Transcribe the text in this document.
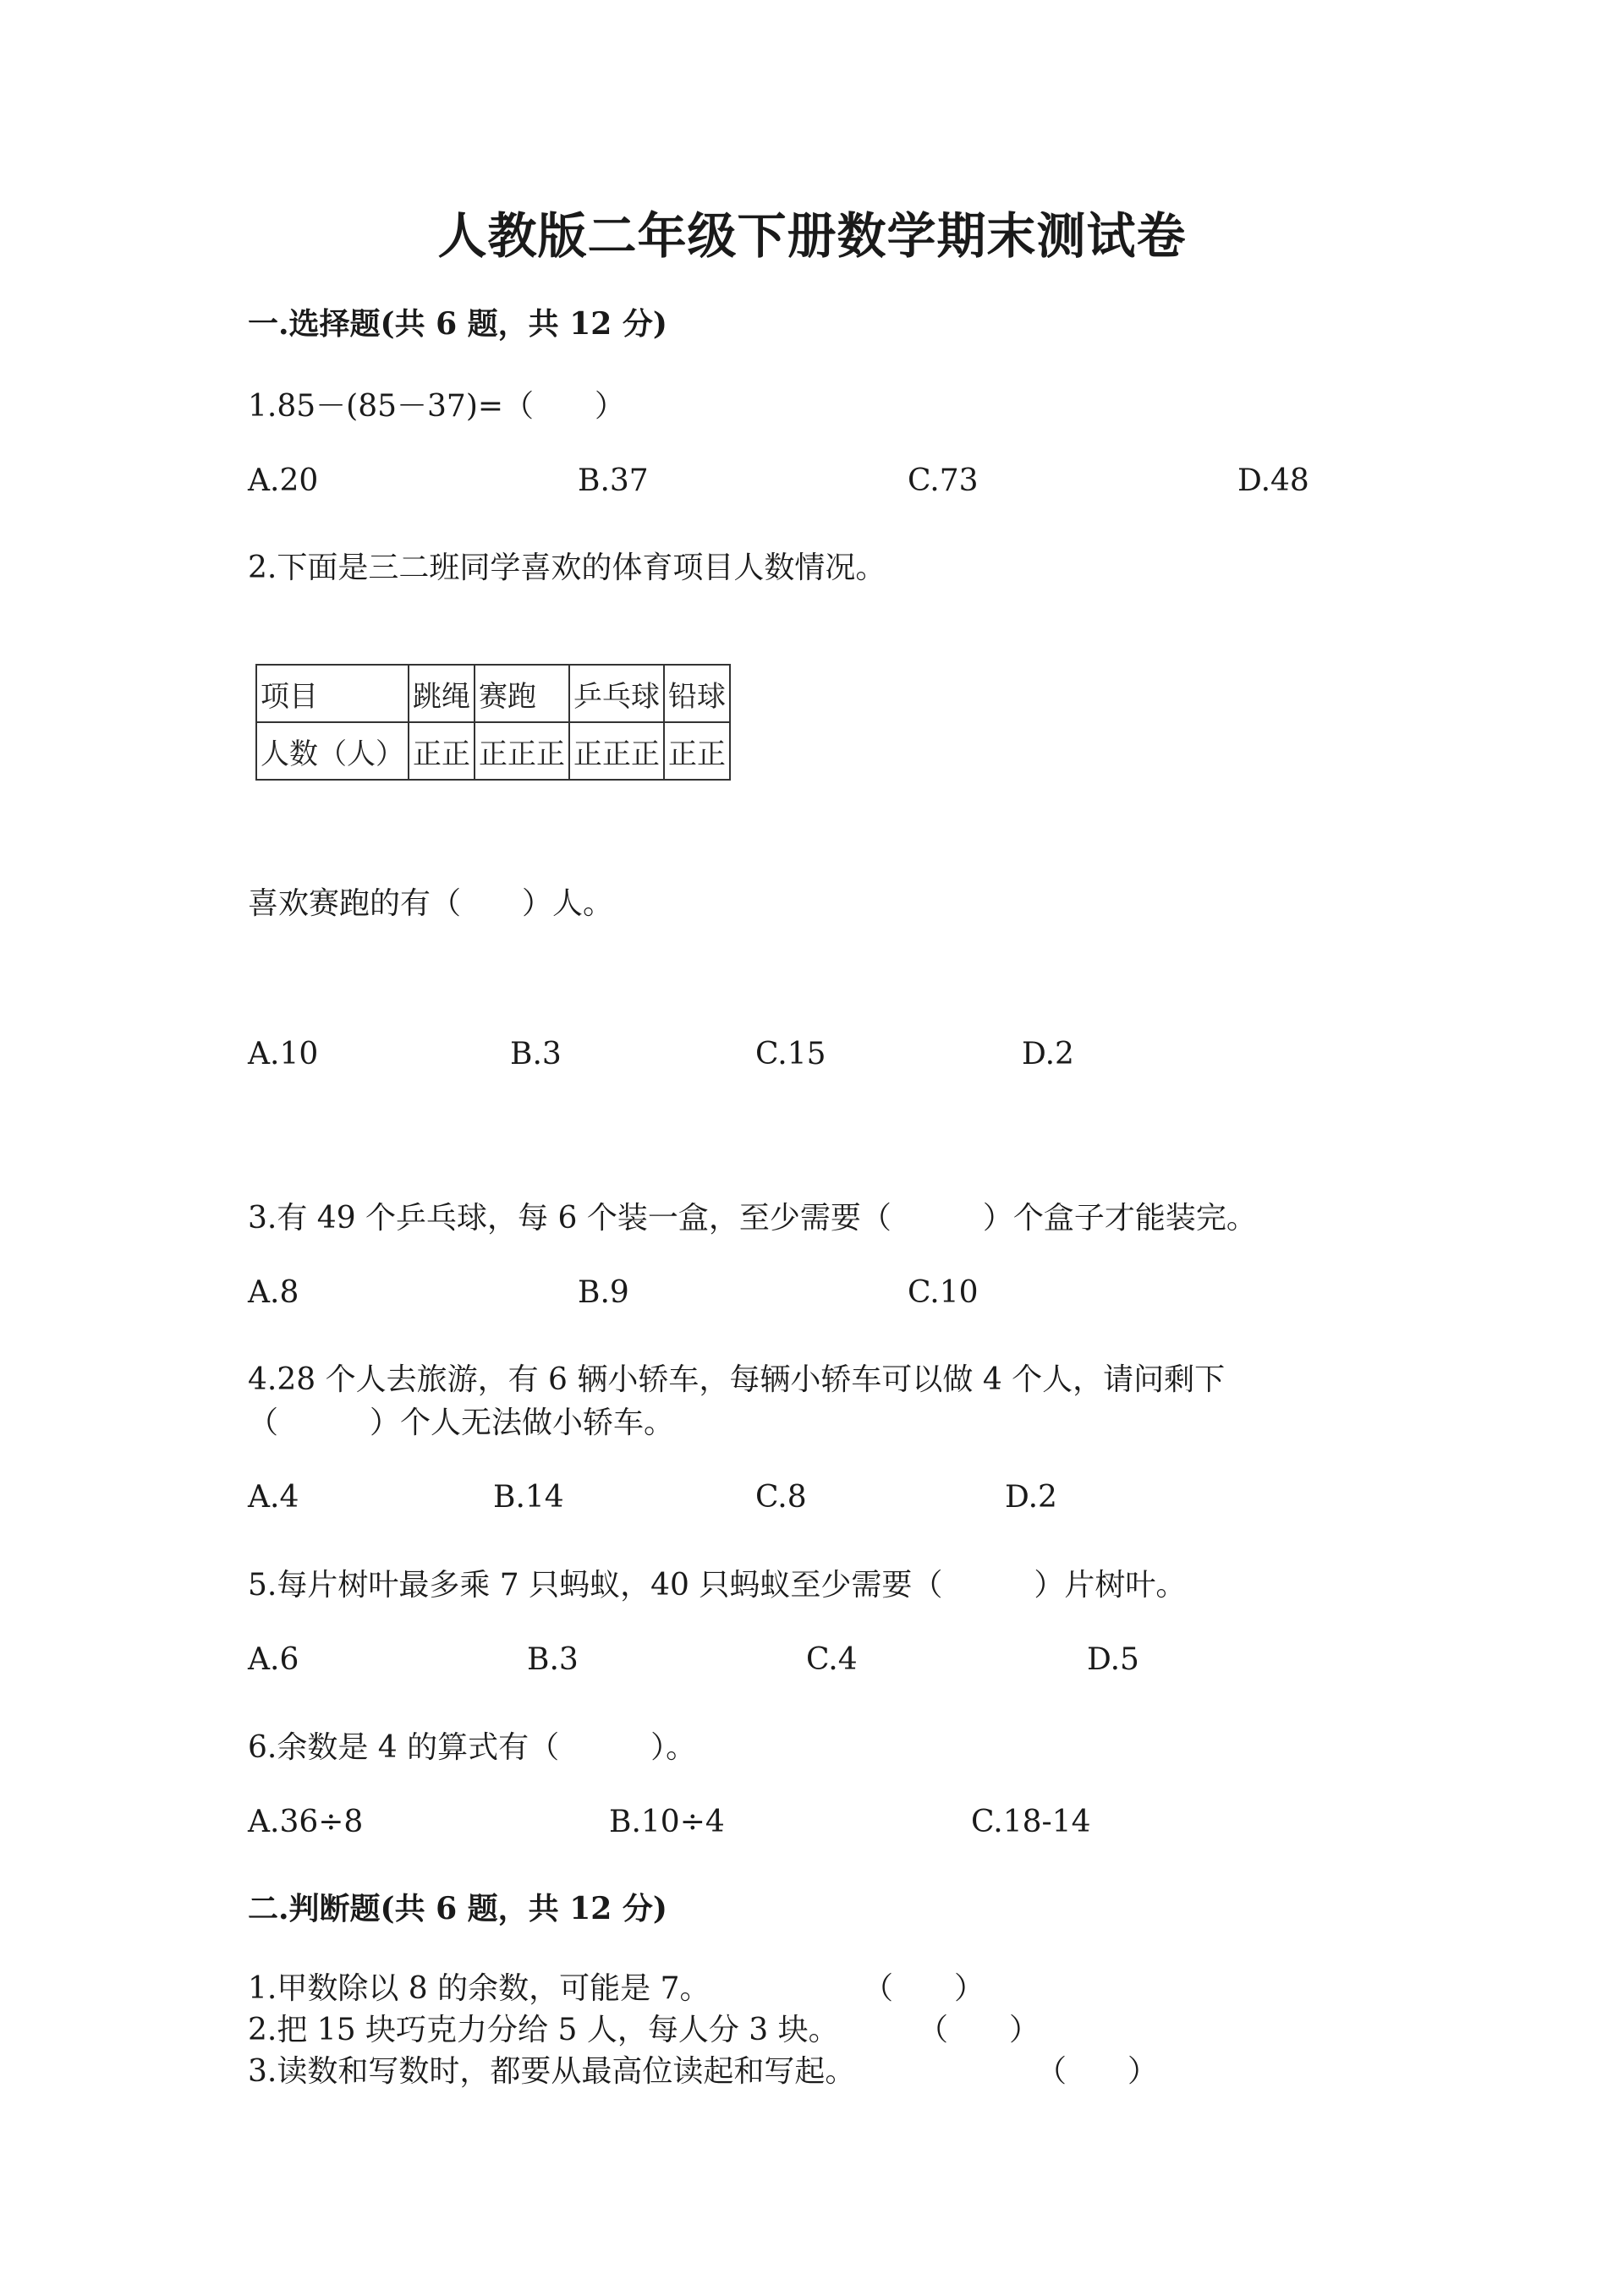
人教版二年级下册数学期末测试卷
一.选择题(共 6 题，共 12 分)
1.85－(85－37)=（　　）
A.20	B.37	C.73	D.48
2.下面是三二班同学喜欢的体育项目人数情况。
项目	跳绳	赛跑	乒乓球	铅球
人数（人）	正正	正正正	正正正	正正
喜欢赛跑的有（　　）人。
A.10	B.3	C.15	D.2
3.有 49 个乒乓球，每 6 个装一盒，至少需要（　　　）个盒子才能装完。
A.8	B.9	C.10
4.28 个人去旅游，有 6 辆小轿车，每辆小轿车可以做 4 个人，请问剩下
（　　　）个人无法做小轿车。
A.4	B.14	C.8	D.2
5.每片树叶最多乘 7 只蚂蚁，40 只蚂蚁至少需要（　　　）片树叶。
A.6	B.3	C.4	D.5
6.余数是 4 的算式有（　　　）。
A.36÷8	B.10÷4	C.18-14
二.判断题(共 6 题，共 12 分)
1.甲数除以 8 的余数，可能是 7。	（　　）
2.把 15 块巧克力分给 5 人，每人分 3 块。	（　　）
3.读数和写数时，都要从最高位读起和写起。	（　　）
